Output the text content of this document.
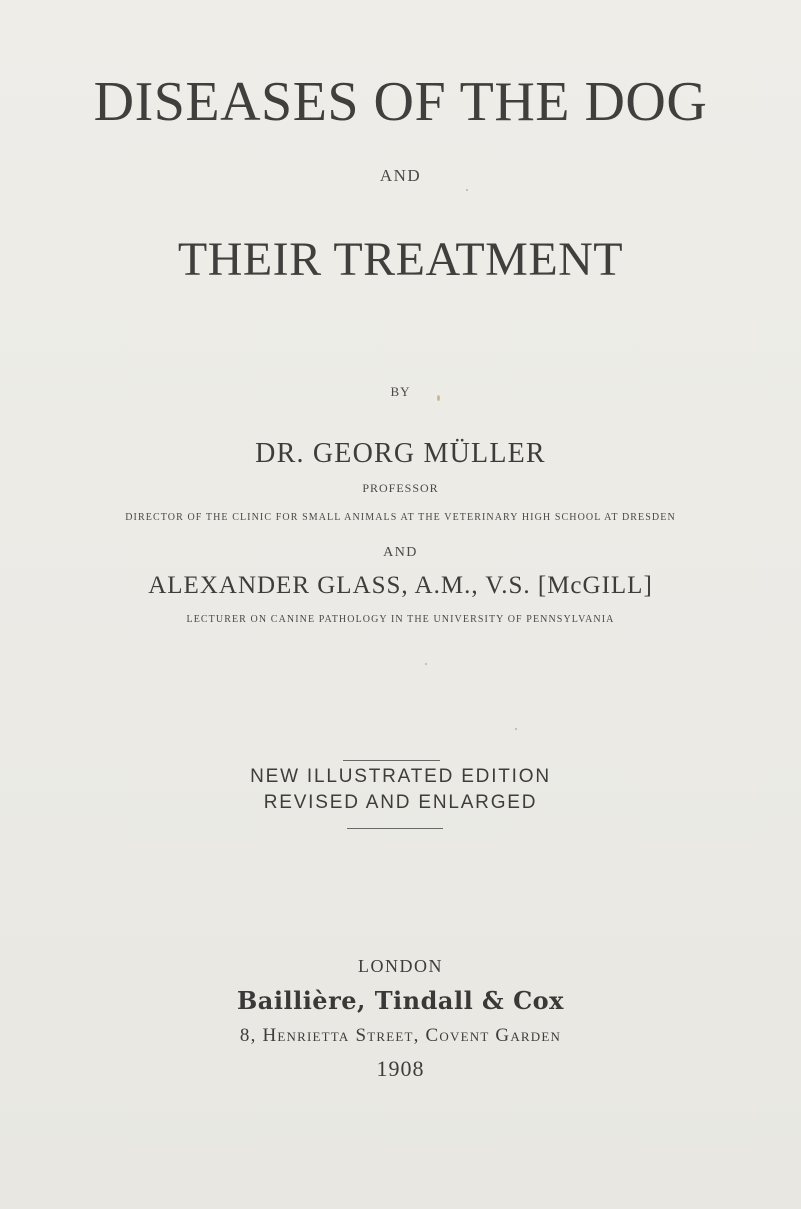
DISEASES OF THE DOG
AND
THEIR TREATMENT
BY
DR. GEORG MÜLLER
PROFESSOR
DIRECTOR OF THE CLINIC FOR SMALL ANIMALS AT THE VETERINARY HIGH SCHOOL AT DRESDEN
AND
ALEXANDER GLASS, A.M., V.S. [McGILL]
LECTURER ON CANINE PATHOLOGY IN THE UNIVERSITY OF PENNSYLVANIA
NEW ILLUSTRATED EDITION
REVISED AND ENLARGED
LONDON
Baillière, Tindall & Cox
8, Henrietta Street, Covent Garden
1908
